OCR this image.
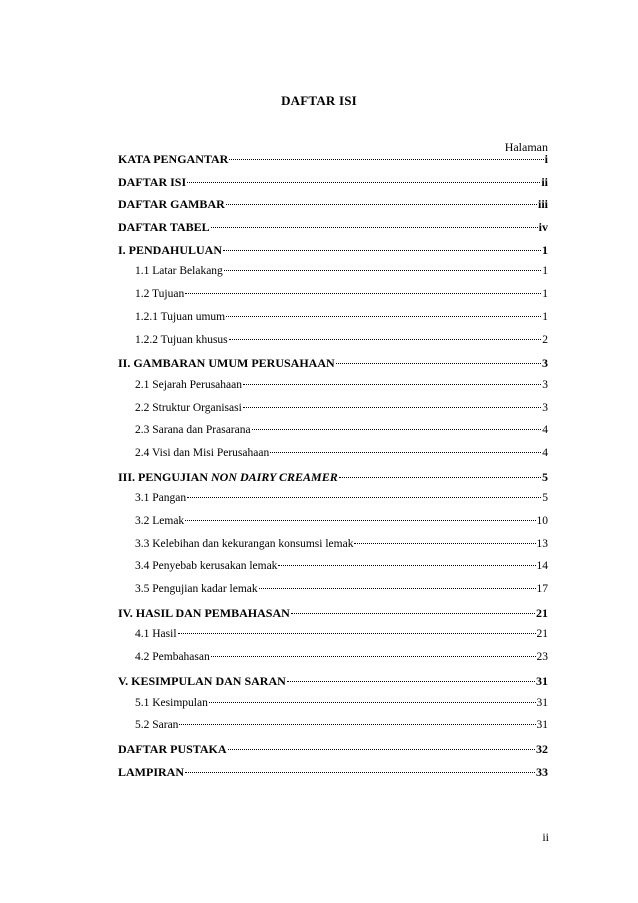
DAFTAR ISI
Halaman
KATA PENGANTAR	i
DAFTAR ISI	ii
DAFTAR GAMBAR	iii
DAFTAR TABEL	iv
I. PENDAHULUAN	1
1.1 Latar Belakang	1
1.2 Tujuan	1
1.2.1 Tujuan umum	1
1.2.2 Tujuan khusus	2
II. GAMBARAN UMUM PERUSAHAAN	3
2.1 Sejarah Perusahaan	3
2.2 Struktur Organisasi	3
2.3 Sarana dan Prasarana	4
2.4 Visi dan Misi Perusahaan	4
III. PENGUJIAN NON DAIRY CREAMER	5
3.1 Pangan	5
3.2 Lemak	10
3.3 Kelebihan dan kekurangan konsumsi lemak	13
3.4 Penyebab kerusakan lemak	14
3.5 Pengujian kadar lemak	17
IV. HASIL DAN PEMBAHASAN	21
4.1 Hasil	21
4.2 Pembahasan	23
V. KESIMPULAN DAN SARAN	31
5.1 Kesimpulan	31
5.2 Saran	31
DAFTAR PUSTAKA	32
LAMPIRAN	33
ii
